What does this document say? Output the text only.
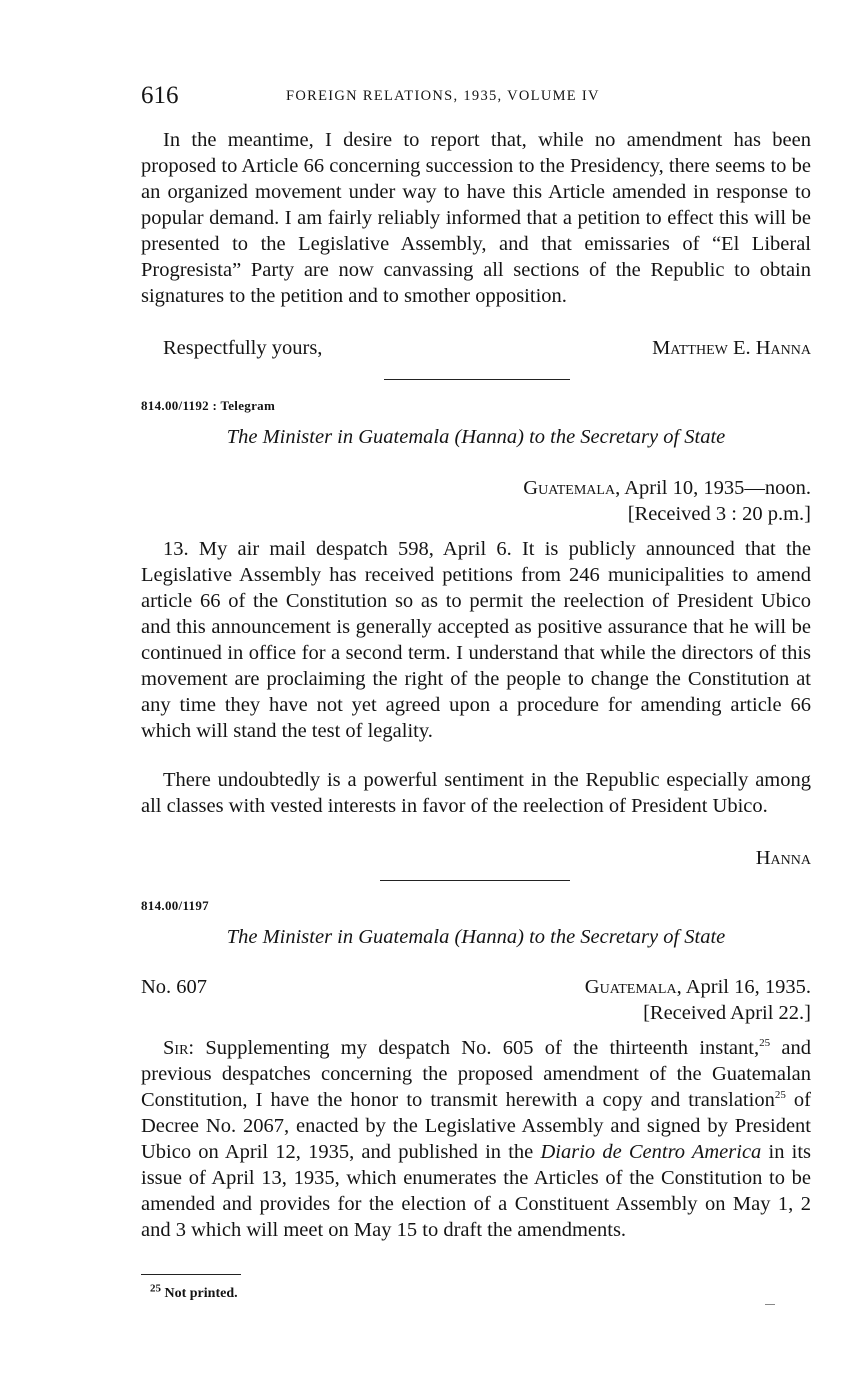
616	FOREIGN RELATIONS, 1935, VOLUME IV

In the meantime, I desire to report that, while no amendment has been proposed to Article 66 concerning succession to the Presidency, there seems to be an organized movement under way to have this Article amended in response to popular demand. I am fairly reliably informed that a petition to effect this will be presented to the Legislative Assembly, and that emissaries of “El Liberal Progresista” Party are now canvassing all sections of the Republic to obtain signatures to the petition and to smother opposition.

Respectfully yours,	Matthew E. Hanna
814.00/1192 : Telegram
The Minister in Guatemala (Hanna) to the Secretary of State
Guatemala, April 10, 1935—noon.
[Received 3 : 20 p.m.]

13. My air mail despatch 598, April 6. It is publicly announced that the Legislative Assembly has received petitions from 246 municipalities to amend article 66 of the Constitution so as to permit the reelection of President Ubico and this announcement is generally accepted as positive assurance that he will be continued in office for a second term. I understand that while the directors of this movement are proclaiming the right of the people to change the Constitution at any time they have not yet agreed upon a procedure for amending article 66 which will stand the test of legality.

There undoubtedly is a powerful sentiment in the Republic especially among all classes with vested interests in favor of the reelection of President Ubico.

Hanna
814.00/1197
The Minister in Guatemala (Hanna) to the Secretary of State
No. 607	Guatemala, April 16, 1935.
[Received April 22.]

Sir: Supplementing my despatch No. 605 of the thirteenth instant,$^{25}$ and previous despatches concerning the proposed amendment of the Guatemalan Constitution, I have the honor to transmit herewith a copy and translation$^{25}$ of Decree No. 2067, enacted by the Legislative Assembly and signed by President Ubico on April 12, 1935, and published in the Diario de Centro America in its issue of April 13, 1935, which enumerates the Articles of the Constitution to be amended and provides for the election of a Constituent Assembly on May 1, 2 and 3 which will meet on May 15 to draft the amendments.

$^{25}$ Not printed.
